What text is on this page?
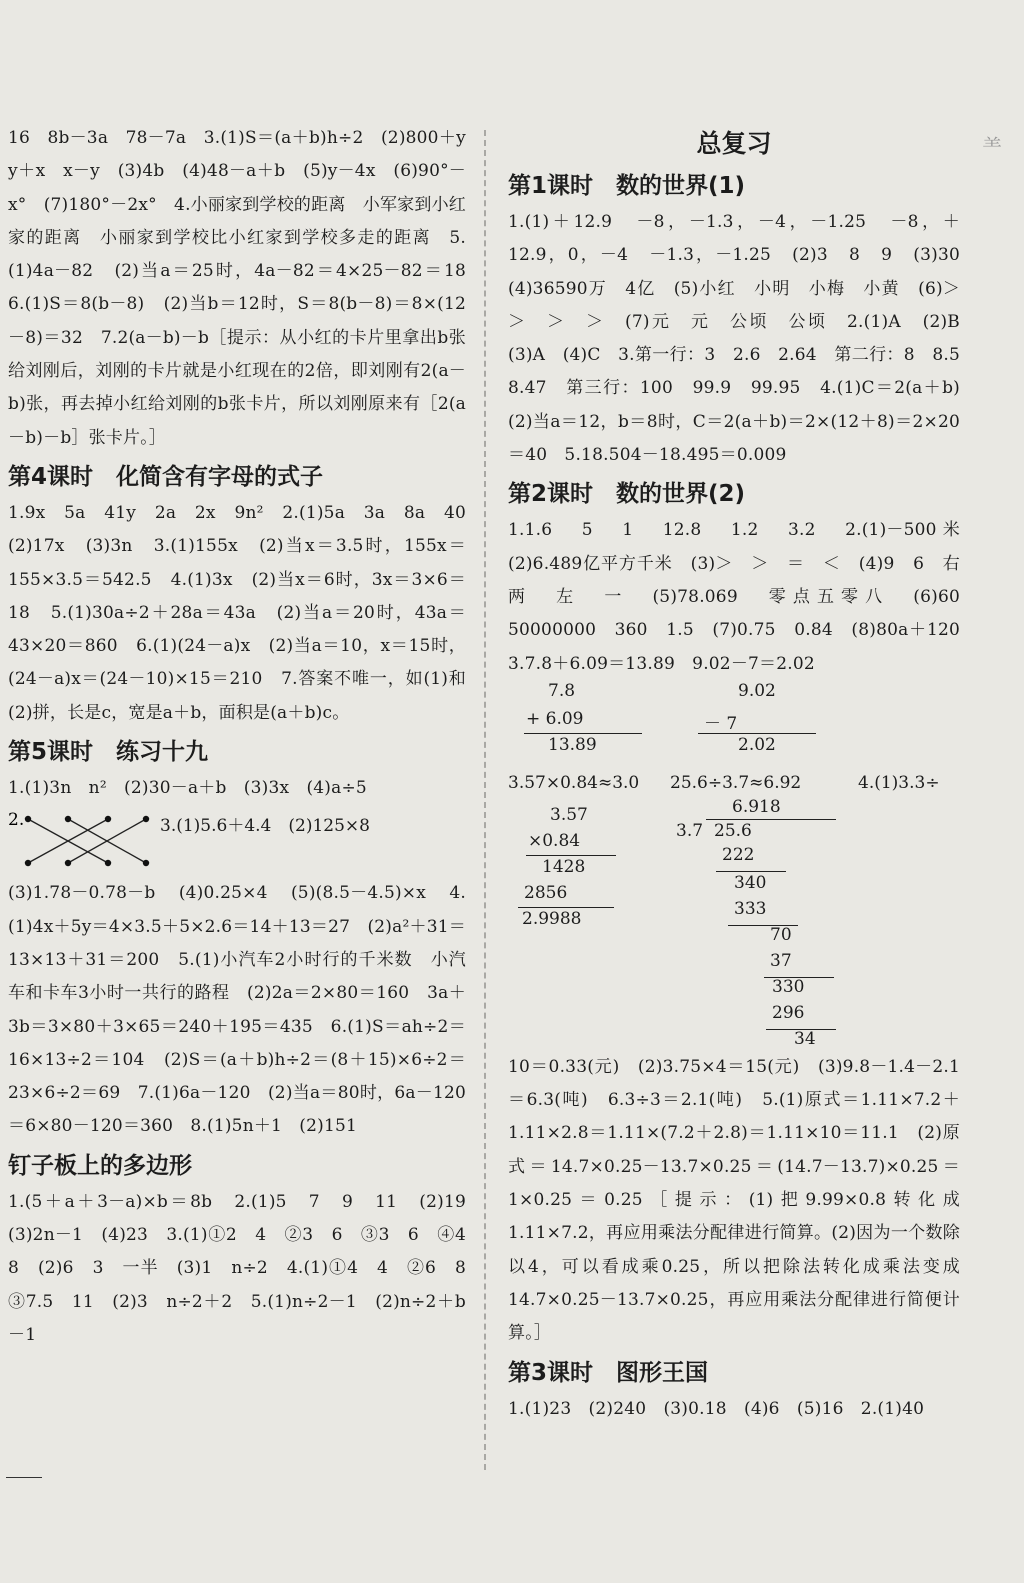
⺷

16　8b－3a　78－7a　3.(1)S＝(a＋b)h÷2　(2)800＋y　y＋x　x－y　(3)4b　(4)48－a＋b　(5)y－4x　(6)90°－x°　(7)180°－2x°　4.小丽家到学校的距离　小军家到小红家的距离　小丽家到学校比小红家到学校多走的距离　5.(1)4a－82　(2)当a＝25时，4a－82＝4×25－82＝18　6.(1)S＝8(b－8)　(2)当b＝12时，S＝8(b－8)＝8×(12－8)＝32　7.2(a－b)－b［提示：从小红的卡片里拿出b张给刘刚后，刘刚的卡片就是小红现在的2倍，即刘刚有2(a－b)张，再去掉小红给刘刚的b张卡片，所以刘刚原来有［2(a－b)－b］张卡片。］

第4课时　化简含有字母的式子

1.9x　5a　41y　2a　2x　9n²　2.(1)5a　3a　8a　40　(2)17x　(3)3n　3.(1)155x　(2)当x＝3.5时，155x＝155×3.5＝542.5　4.(1)3x　(2)当x＝6时，3x＝3×6＝18　5.(1)30a÷2＋28a＝43a　(2)当a＝20时，43a＝43×20＝860　6.(1)(24－a)x　(2)当a＝10，x＝15时，(24－a)x＝(24－10)×15＝210　7.答案不唯一，如(1)和(2)拼，长是c，宽是a＋b，面积是(a＋b)c。

第5课时　练习十九

1.(1)3n　n²　(2)30－a＋b　(3)3x　(4)a÷5

2.	3.(1)5.6＋4.4　(2)125×8

(3)1.78－0.78－b　(4)0.25×4　(5)(8.5－4.5)×x　4.(1)4x＋5y＝4×3.5＋5×2.6＝14＋13＝27　(2)a²＋31＝13×13＋31＝200　5.(1)小汽车2小时行的千米数　小汽车和卡车3小时一共行的路程　(2)2a＝2×80＝160　3a＋3b＝3×80＋3×65＝240＋195＝435　6.(1)S＝ah÷2＝16×13÷2＝104　(2)S＝(a＋b)h÷2＝(8＋15)×6÷2＝23×6÷2＝69　7.(1)6a－120　(2)当a＝80时，6a－120＝6×80－120＝360　8.(1)5n＋1　(2)151

钉子板上的多边形

1.(5＋a＋3－a)×b＝8b　2.(1)5　7　9　11　(2)19　(3)2n－1　(4)23　3.(1)①2　4　②3　6　③3　6　④4　8　(2)6　3　一半　(3)1　n÷2　4.(1)①4　4　②6　8　③7.5　11　(2)3　n÷2＋2　5.(1)n÷2－1　(2)n÷2＋b－1

总复习
第1课时　数的世界(1)

1.(1)＋12.9　－8，－1.3，－4，－1.25　－8，＋12.9，0，－4　－1.3，－1.25　(2)3　8　9　(3)30　(4)36590万　4亿　(5)小红　小明　小梅　小黄　(6)＞　＞　＞　＞　(7)元　元　公顷　公顷　2.(1)A　(2)B　(3)A　(4)C　3.第一行：3　2.6　2.64　第二行：8　8.5　8.47　第三行：100　99.9　99.95　4.(1)C＝2(a＋b)　(2)当a＝12，b＝8时，C＝2(a＋b)＝2×(12＋8)＝2×20＝40　5.18.504－18.495＝0.009

第2课时　数的世界(2)

1.1.6　5　1　12.8　1.2　3.2　2.(1)－500米　(2)6.489亿平方千米　(3)＞　＞　＝　＜　(4)9　6　右　两　左　一　(5)78.069　零点五零八　(6)60　50000000　360　1.5　(7)0.75　0.84　(8)80a＋120　3.7.8＋6.09＝13.89　9.02－7＝2.02

7.8
+ 6.09
13.89
9.02
－ 7
2.02
3.57×0.84≈3.0 25.6÷3.7≈6.92	4.(1)3.3÷
3.57
×0.84
1428
2856
2.9988
6.918
3.7 25.6
222
340
333
70
37
330
296
34

10＝0.33(元)　(2)3.75×4＝15(元)　(3)9.8－1.4－2.1＝6.3(吨)　6.3÷3＝2.1(吨)　5.(1)原式＝1.11×7.2＋1.11×2.8＝1.11×(7.2＋2.8)＝1.11×10＝11.1　(2)原式＝14.7×0.25－13.7×0.25＝(14.7－13.7)×0.25＝1×0.25＝0.25［提示：(1)把9.99×0.8转化成1.11×7.2，再应用乘法分配律进行简算。(2)因为一个数除以4，可以看成乘0.25，所以把除法转化成乘法变成14.7×0.25－13.7×0.25，再应用乘法分配律进行简便计算。］

第3课时　图形王国

1.(1)23　(2)240　(3)0.18　(4)6　(5)16　2.(1)40
